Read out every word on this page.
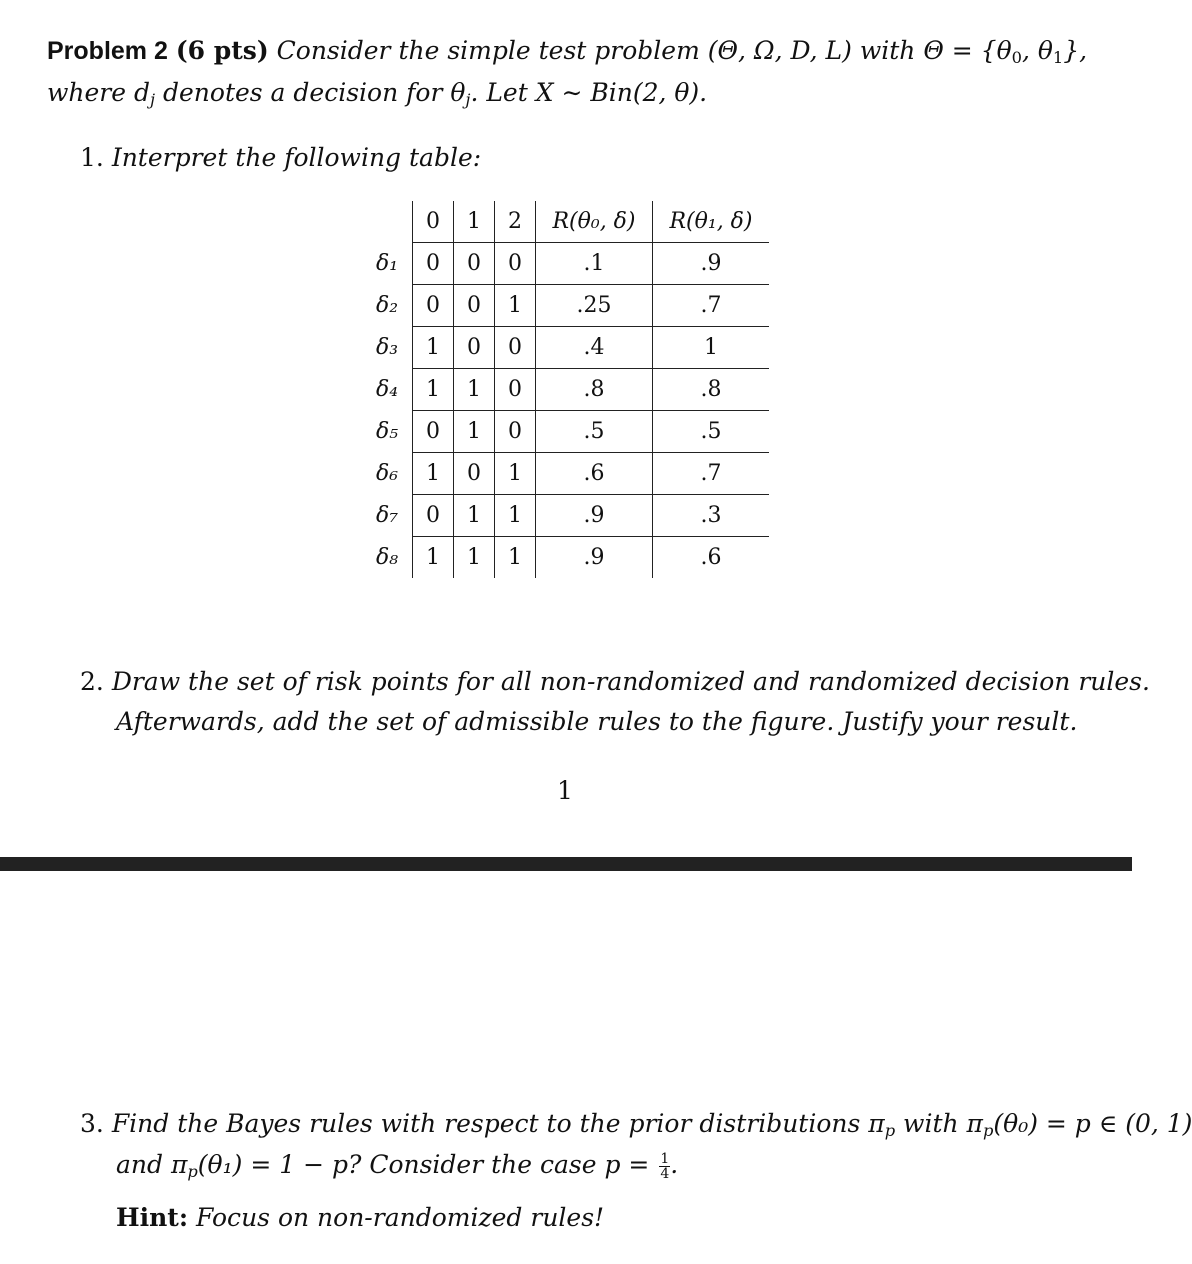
Problem 2 (6 pts) Consider the simple test problem (Θ, Ω, D, L) with $\Theta = \{\theta_0$, $\theta_1$},
where $d_j$ denotes a decision for $\theta_j$. Let X ∼ Bin(2, θ).
1. Interpret the following table:
	0	1	2	R(θ₀, δ)	R(θ₁, δ)
δ₁	0	0	0	.1	.9
δ₂	0	0	1	.25	.7
δ₃	1	0	0	.4	1
δ₄	1	1	0	.8	.8
δ₅	0	1	0	.5	.5
δ₆	1	0	1	.6	.7
δ₇	0	1	1	.9	.3
δ₈	1	1	1	.9	.6
2. Draw the set of risk points for all non-randomized and randomized decision rules.
Afterwards, add the set of admissible rules to the figure. Justify your result.
1
3. Find the Bayes rules with respect to the prior distributions $\pi_p$ with $\pi_p(\theta_0) = p$ ∈ (0, 1)
and $\pi_p(\theta_1) = 1 - p$? Consider the case $p = \frac{1}{4}$ .
Hint: Focus on non-randomized rules!
